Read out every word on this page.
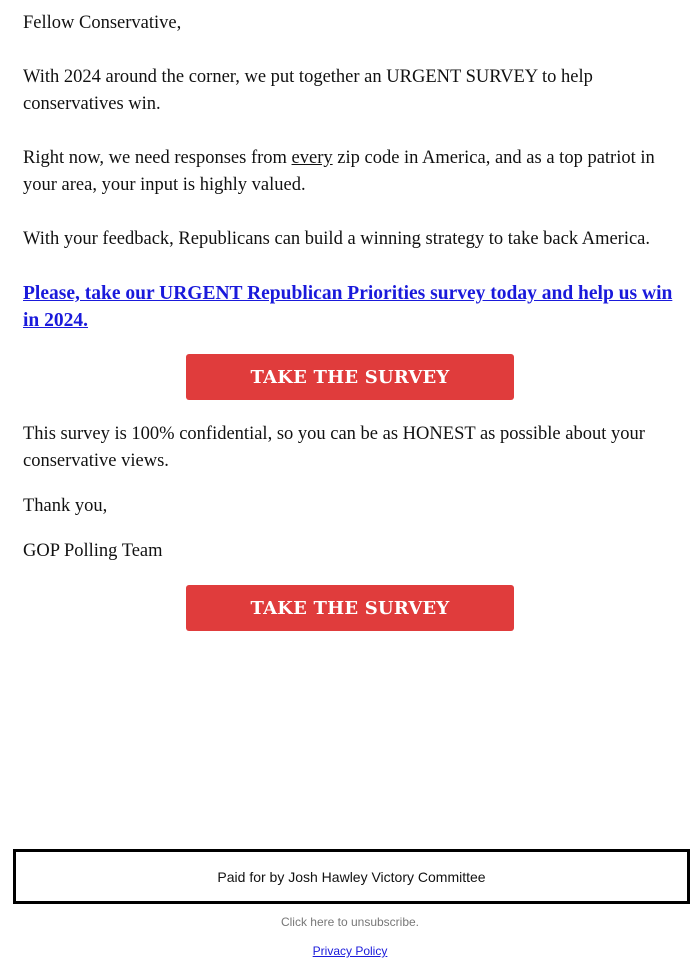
Fellow Conservative,

With 2024 around the corner, we put together an URGENT SURVEY to help conservatives win.

Right now, we need responses from every zip code in America, and as a top patriot in your area, your input is highly valued.

With your feedback, Republicans can build a winning strategy to take back America.

Please, take our URGENT Republican Priorities survey today and help us win in 2024.
TAKE THE SURVEY

This survey is 100% confidential, so you can be as HONEST as possible about your conservative views.

Thank you,

GOP Polling Team

TAKE THE SURVEY
Paid for by Josh Hawley Victory Committee
Click here to unsubscribe.
Privacy Policy
